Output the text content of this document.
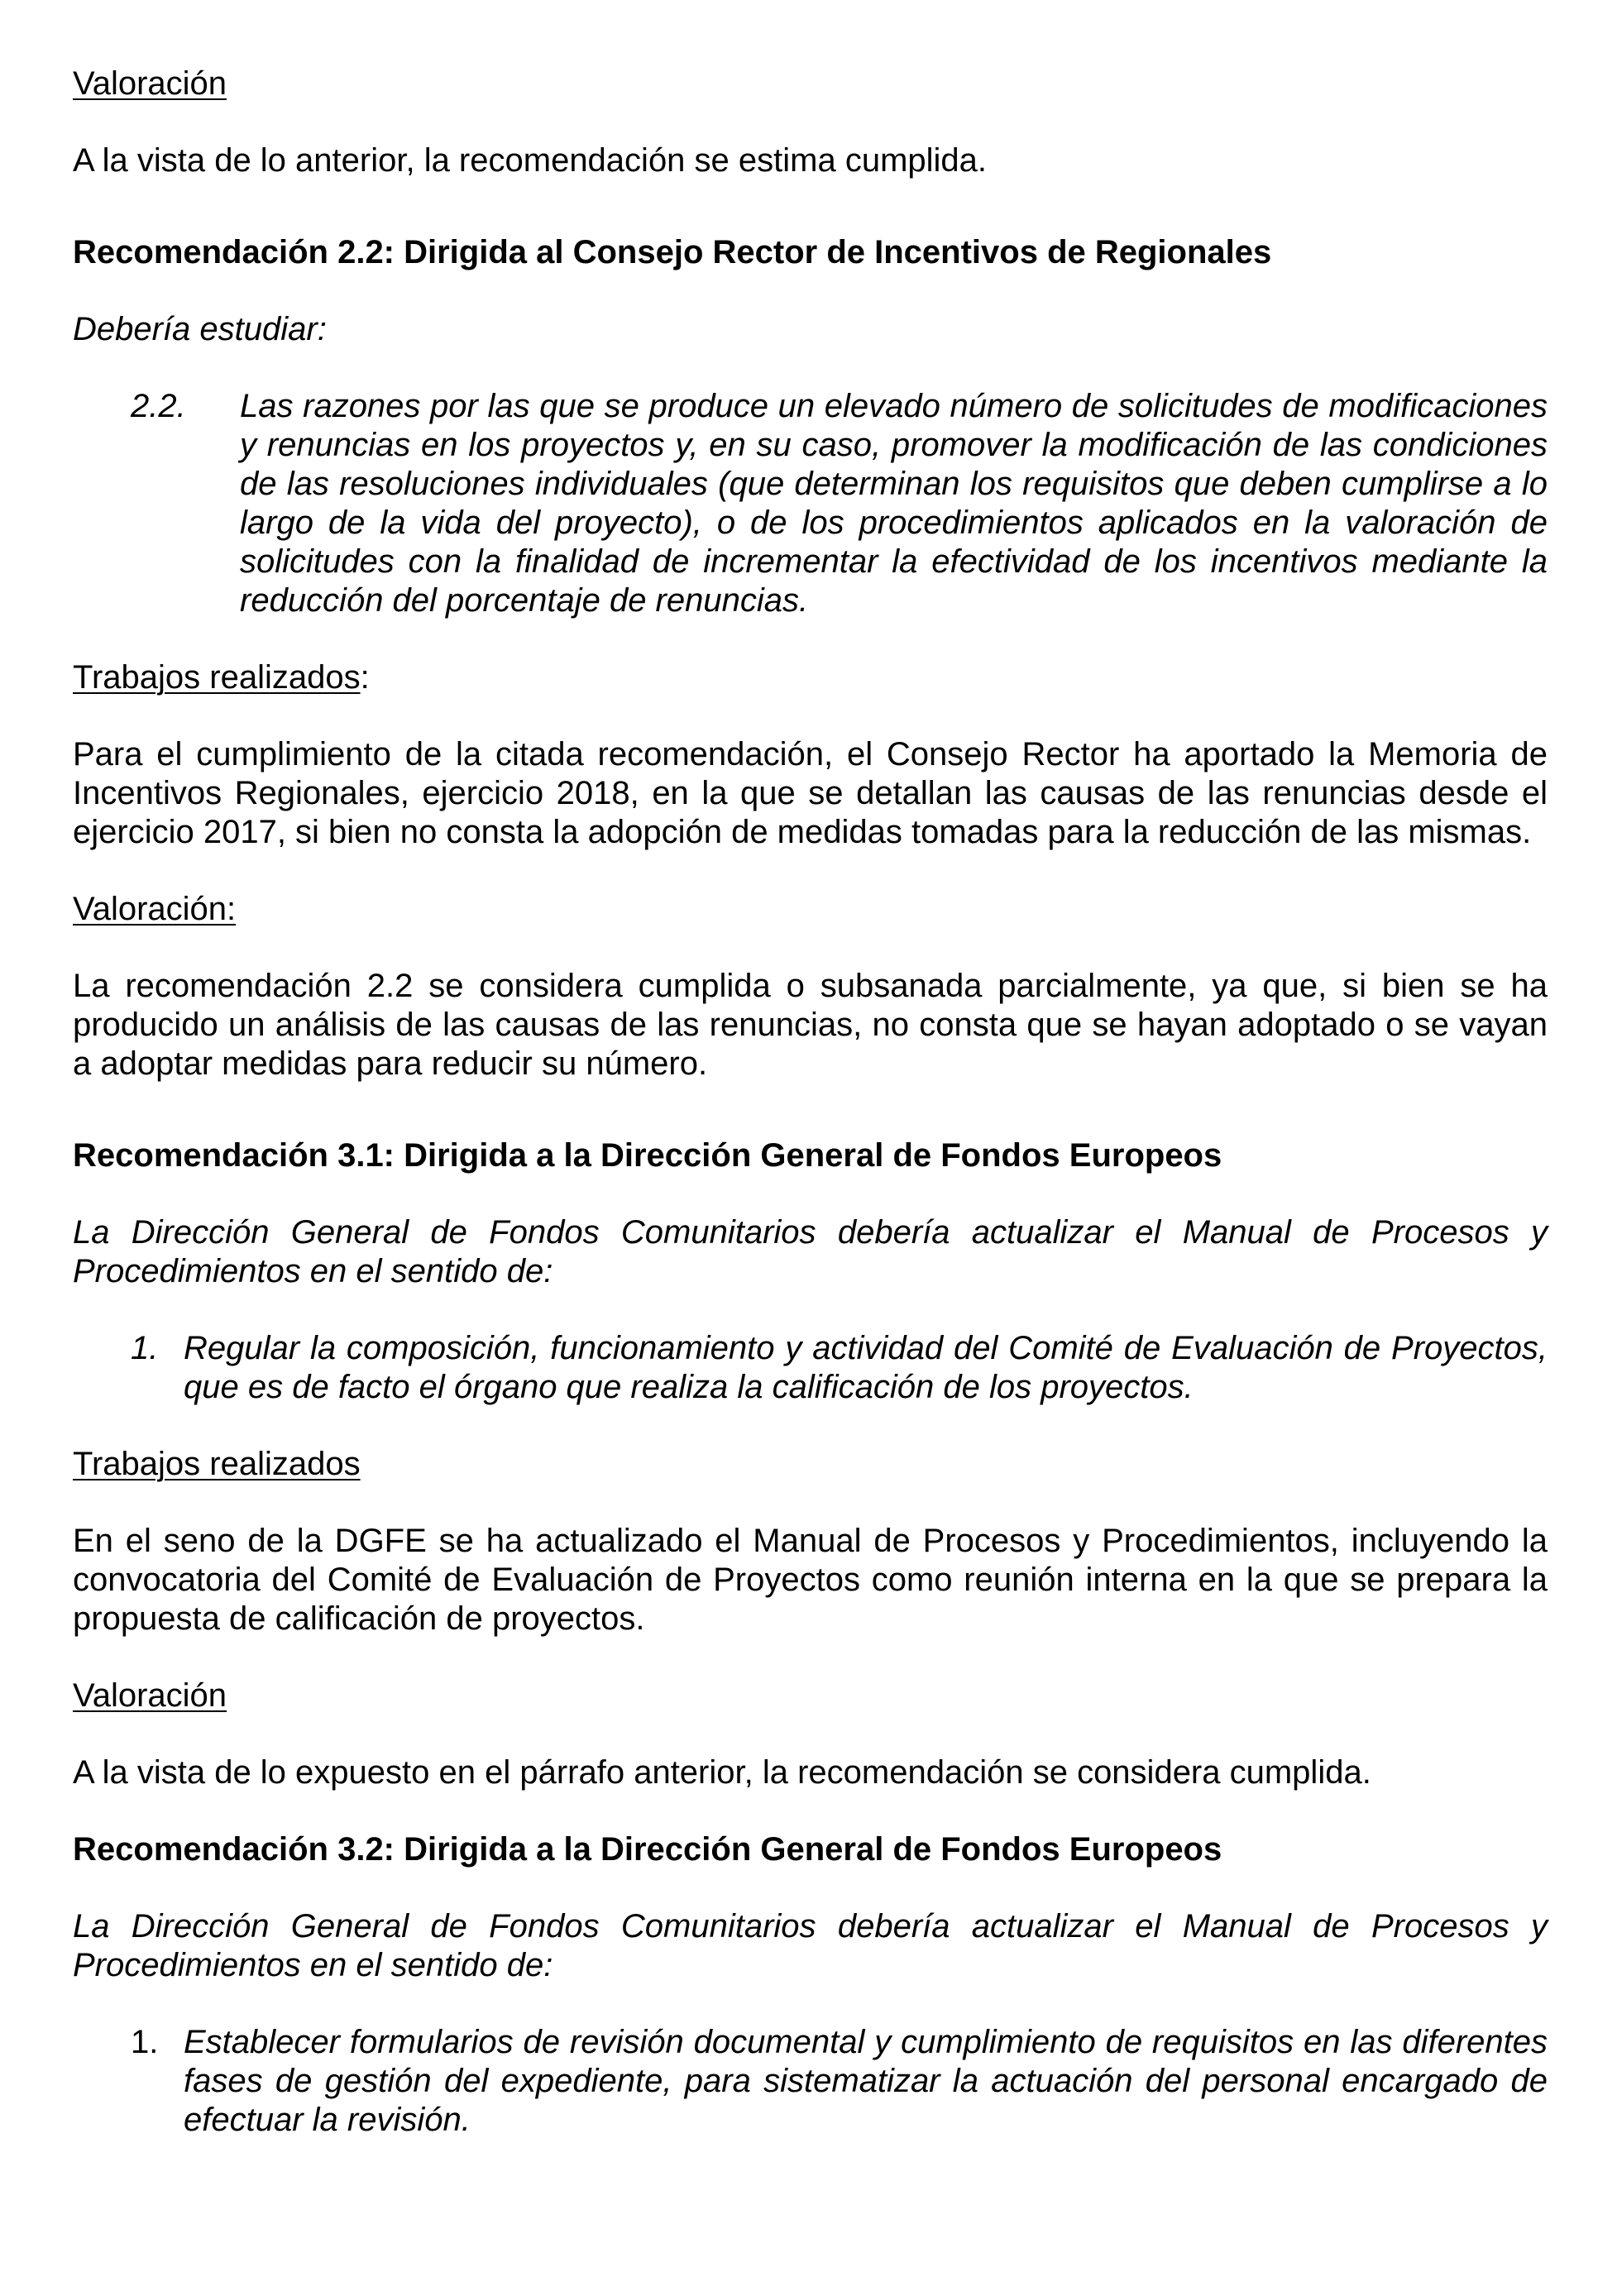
Valoración

A la vista de lo anterior, la recomendación se estima cumplida.

Recomendación 2.2: Dirigida al Consejo Rector de Incentivos de Regionales

Debería estudiar:

2.2.	Las razones por las que se produce un elevado número de solicitudes de modificaciones y renuncias en los proyectos y, en su caso, promover la modificación de las condiciones de las resoluciones individuales (que determinan los requisitos que deben cumplirse a lo largo de la vida del proyecto), o de los procedimientos aplicados en la valoración de solicitudes con la finalidad de incrementar la efectividad de los incentivos mediante la reducción del porcentaje de renuncias.

Trabajos realizados:

Para el cumplimiento de la citada recomendación, el Consejo Rector ha aportado la Memoria de Incentivos Regionales, ejercicio 2018, en la que se detallan las causas de las renuncias desde el ejercicio 2017, si bien no consta la adopción de medidas tomadas para la reducción de las mismas.

Valoración:

La recomendación 2.2 se considera cumplida o subsanada parcialmente, ya que, si bien se ha producido un análisis de las causas de las renuncias, no consta que se hayan adoptado o se vayan a adoptar medidas para reducir su número.

Recomendación 3.1: Dirigida a la Dirección General de Fondos Europeos

La Dirección General de Fondos Comunitarios debería actualizar el Manual de Procesos y Procedimientos en el sentido de:

1. Regular la composición, funcionamiento y actividad del Comité de Evaluación de Proyectos, que es de facto el órgano que realiza la calificación de los proyectos.

Trabajos realizados

En el seno de la DGFE se ha actualizado el Manual de Procesos y Procedimientos, incluyendo la convocatoria del Comité de Evaluación de Proyectos como reunión interna en la que se prepara la propuesta de calificación de proyectos.

Valoración

A la vista de lo expuesto en el párrafo anterior, la recomendación se considera cumplida.

Recomendación 3.2: Dirigida a la Dirección General de Fondos Europeos

La Dirección General de Fondos Comunitarios debería actualizar el Manual de Procesos y Procedimientos en el sentido de:

1. Establecer formularios de revisión documental y cumplimiento de requisitos en las diferentes fases de gestión del expediente, para sistematizar la actuación del personal encargado de efectuar la revisión.
